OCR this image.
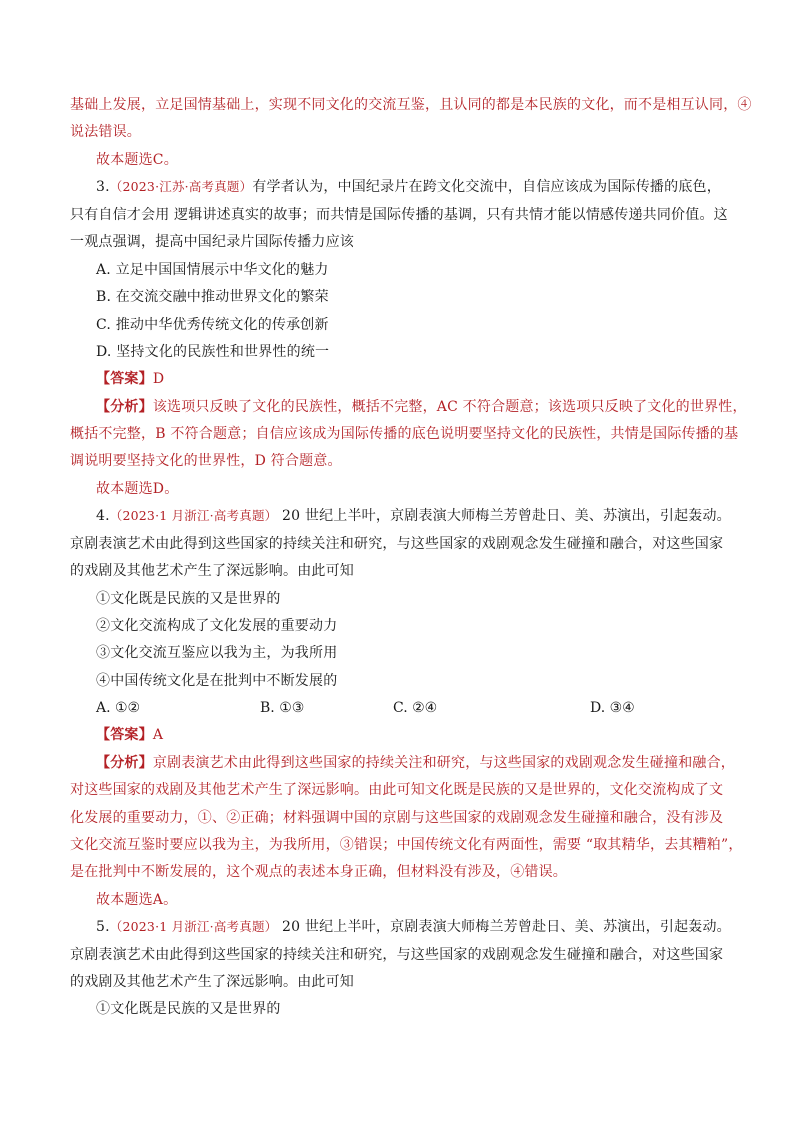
基础上发展，立足国情基础上，实现不同文化的交流互鉴，且认同的都是本民族的文化，而不是相互认同，④
说法错误。
故本题选C。
3.（2023·江苏·高考真题）有学者认为，中国纪录片在跨文化交流中，自信应该成为国际传播的底色，
只有自信才会用 逻辑讲述真实的故事；而共情是国际传播的基调，只有共情才能以情感传递共同价值。这
一观点强调，提高中国纪录片国际传播力应该
A. 立足中国国情展示中华文化的魅力
B. 在交流交融中推动世界文化的繁荣
C. 推动中华优秀传统文化的传承创新
D. 坚持文化的民族性和世界性的统一
【答案】D
【分析】该选项只反映了文化的民族性，概括不完整，AC 不符合题意；该选项只反映了文化的世界性，
概括不完整，B 不符合题意；自信应该成为国际传播的底色说明要坚持文化的民族性，共情是国际传播的基
调说明要坚持文化的世界性，D 符合题意。
故本题选D。
4.（2023·1 月浙江·高考真题） 20 世纪上半叶，京剧表演大师梅兰芳曾赴日、美、苏演出，引起轰动。
京剧表演艺术由此得到这些国家的持续关注和研究，与这些国家的戏剧观念发生碰撞和融合，对这些国家
的戏剧及其他艺术产生了深远影响。由此可知
①文化既是民族的又是世界的
②文化交流构成了文化发展的重要动力
③文化交流互鉴应以我为主，为我所用
④中国传统文化是在批判中不断发展的
A. ①②	B. ①③	C. ②④	D. ③④
【答案】A
【分析】京剧表演艺术由此得到这些国家的持续关注和研究，与这些国家的戏剧观念发生碰撞和融合，
对这些国家的戏剧及其他艺术产生了深远影响。由此可知文化既是民族的又是世界的，文化交流构成了文
化发展的重要动力，①、②正确；材料强调中国的京剧与这些国家的戏剧观念发生碰撞和融合，没有涉及
文化交流互鉴时要应以我为主，为我所用，③错误；中国传统文化有两面性，需要 “取其精华，去其糟粕”，
是在批判中不断发展的，这个观点的表述本身正确，但材料没有涉及，④错误。
故本题选A。
5.（2023·1 月浙江·高考真题） 20 世纪上半叶，京剧表演大师梅兰芳曾赴日、美、苏演出，引起轰动。
京剧表演艺术由此得到这些国家的持续关注和研究，与这些国家的戏剧观念发生碰撞和融合，对这些国家
的戏剧及其他艺术产生了深远影响。由此可知
①文化既是民族的又是世界的
